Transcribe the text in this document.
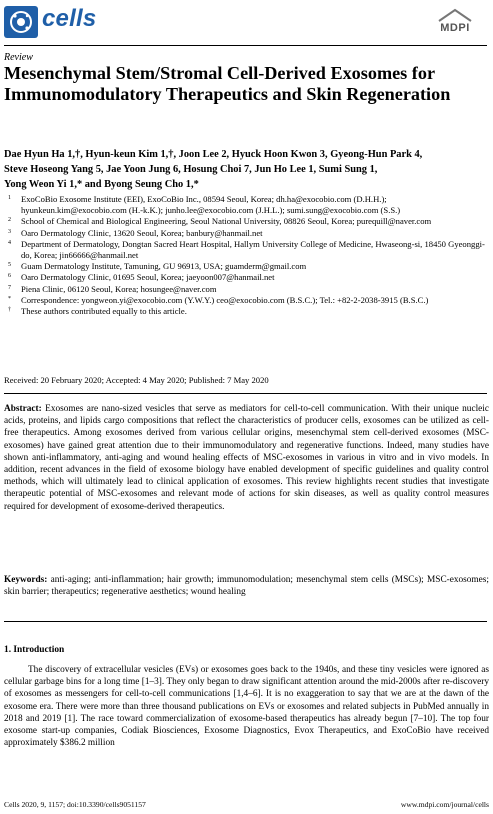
cells	MDPI
Review
Mesenchymal Stem/Stromal Cell-Derived Exosomes for Immunomodulatory Therapeutics and Skin Regeneration
Dae Hyun Ha 1,†, Hyun-keun Kim 1,†, Joon Lee 2, Hyuck Hoon Kwon 3, Gyeong-Hun Park 4,
Steve Hoseong Yang 5, Jae Yoon Jung 6, Hosung Choi 7, Jun Ho Lee 1, Sumi Sung 1,
Yong Weon Yi 1,* and Byong Seung Cho 1,*
1 ExoCoBio Exosome Institute (EEI), ExoCoBio Inc., 08594 Seoul, Korea; dh.ha@exocobio.com (D.H.H.); hyunkeun.kim@exocobio.com (H.-k.K.); junho.lee@exocobio.com (J.H.L.); sumi.sung@exocobio.com (S.S.)
2 School of Chemical and Biological Engineering, Seoul National University, 08826 Seoul, Korea; purequill@naver.com
3 Oaro Dermatology Clinic, 13620 Seoul, Korea; banbury@hanmail.net
4 Department of Dermatology, Dongtan Sacred Heart Hospital, Hallym University College of Medicine, Hwaseong-si, 18450 Gyeonggi-do, Korea; jin66666@hanmail.net
5 Guam Dermatology Institute, Tamuning, GU 96913, USA; guamderm@gmail.com
6 Oaro Dermatology Clinic, 01695 Seoul, Korea; jaeyoon007@hanmail.net
7 Piena Clinic, 06120 Seoul, Korea; hosungee@naver.com
* Correspondence: yongweon.yi@exocobio.com (Y.W.Y.) ceo@exocobio.com (B.S.C.); Tel.: +82-2-2038-3915 (B.S.C.)
† These authors contributed equally to this article.
Received: 20 February 2020; Accepted: 4 May 2020; Published: 7 May 2020
Abstract: Exosomes are nano-sized vesicles that serve as mediators for cell-to-cell communication. With their unique nucleic acids, proteins, and lipids cargo compositions that reflect the characteristics of producer cells, exosomes can be utilized as cell-free therapeutics. Among exosomes derived from various cellular origins, mesenchymal stem cell-derived exosomes (MSC-exosomes) have gained great attention due to their immunomodulatory and regenerative functions. Indeed, many studies have shown anti-inflammatory, anti-aging and wound healing effects of MSC-exosomes in various in vitro and in vivo models. In addition, recent advances in the field of exosome biology have enabled development of specific guidelines and quality control methods, which will ultimately lead to clinical application of exosomes. This review highlights recent studies that investigate therapeutic potential of MSC-exosomes and relevant mode of actions for skin diseases, as well as quality control measures required for development of exosome-derived therapeutics.
Keywords: anti-aging; anti-inflammation; hair growth; immunomodulation; mesenchymal stem cells (MSCs); MSC-exosomes; skin barrier; therapeutics; regenerative aesthetics; wound healing
1. Introduction
The discovery of extracellular vesicles (EVs) or exosomes goes back to the 1940s, and these tiny vesicles were ignored as cellular garbage bins for a long time [1–3]. They only began to draw significant attention around the mid-2000s after re-discovery of exosomes as messengers for cell-to-cell communications [1,4–6]. It is no exaggeration to say that we are at the dawn of the exosome era. There were more than three thousand publications on EVs or exosomes and related subjects in PubMed annually in 2018 and 2019 [1]. The race toward commercialization of exosome-based therapeutics has already begun [7–10]. The top four exosome start-up companies, Codiak Biosciences, Exosome Diagnostics, Evox Therapeutics, and ExoCoBio have received approximately $386.2 million
Cells 2020, 9, 1157; doi:10.3390/cells9051157	www.mdpi.com/journal/cells
